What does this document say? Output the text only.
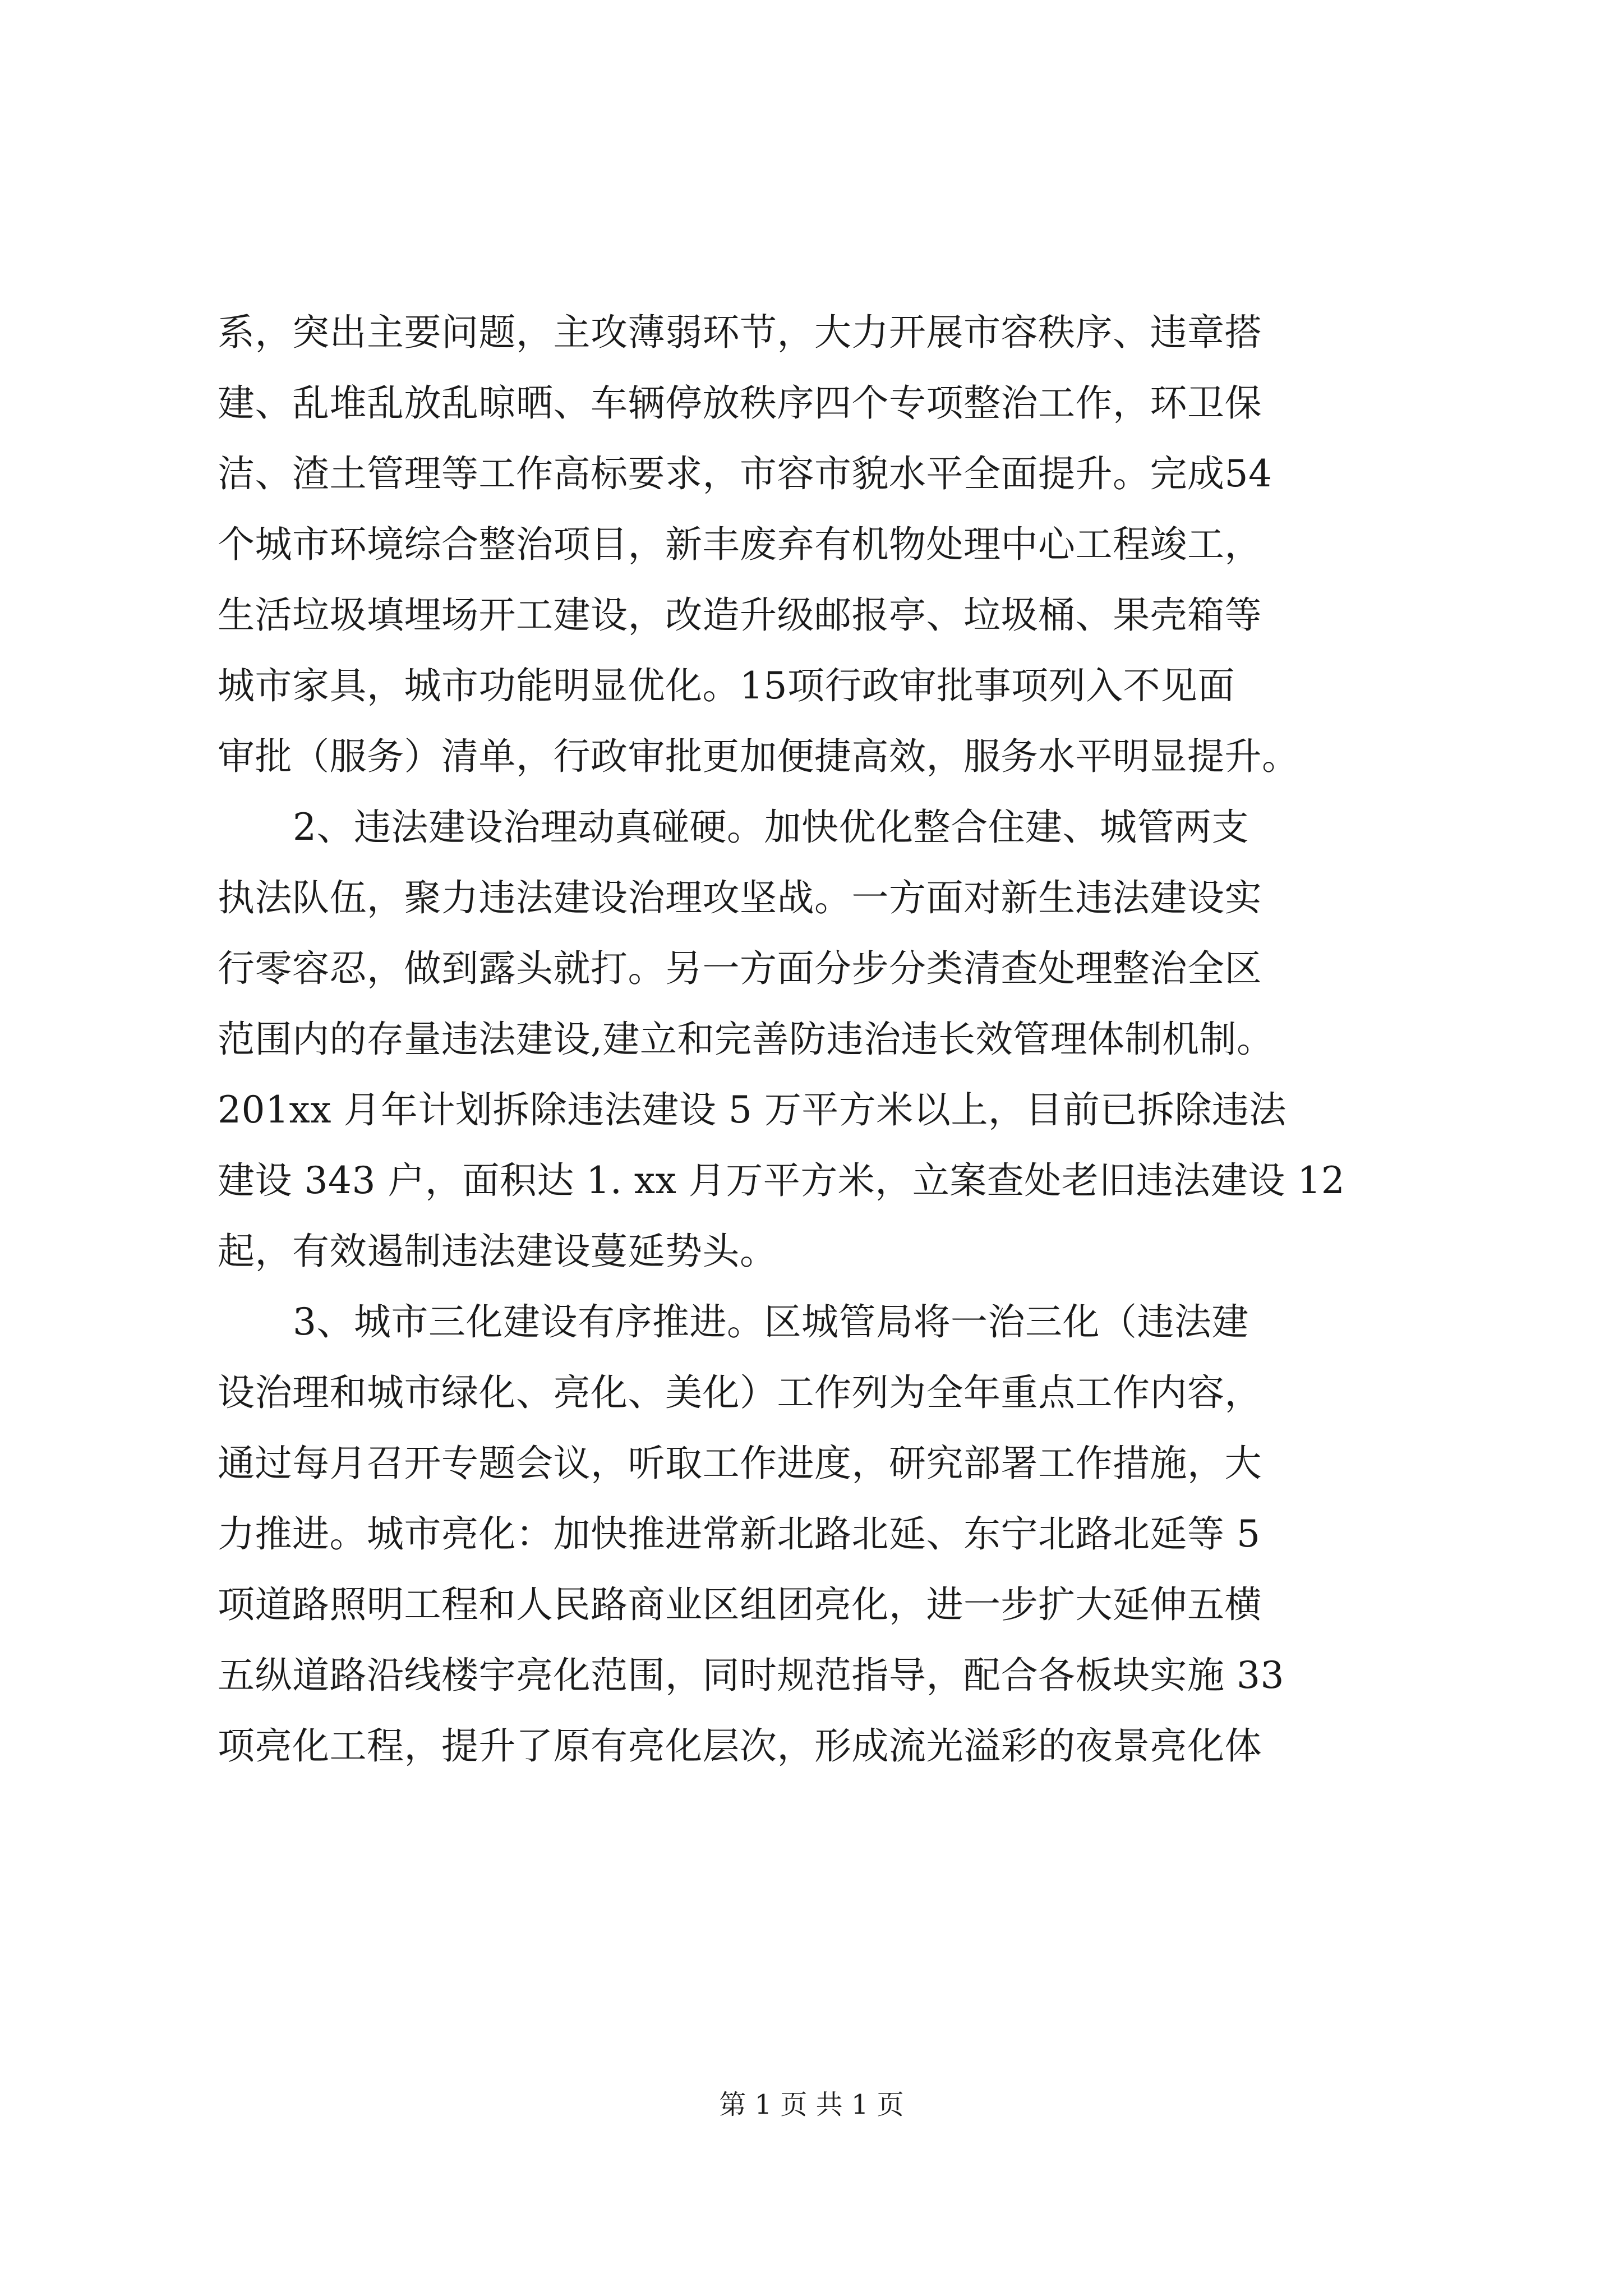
系，突出主要问题，主攻薄弱环节，大力开展市容秩序、违章搭
建、乱堆乱放乱晾晒、车辆停放秩序四个专项整治工作，环卫保
洁、渣土管理等工作高标要求，市容市貌水平全面提升。完成54
个城市环境综合整治项目，新丰废弃有机物处理中心工程竣工，
生活垃圾填埋场开工建设，改造升级邮报亭、垃圾桶、果壳箱等
城市家具，城市功能明显优化。15项行政审批事项列入不见面
审批（服务）清单，行政审批更加便捷高效，服务水平明显提升。
2、违法建设治理动真碰硬。加快优化整合住建、城管两支
执法队伍，聚力违法建设治理攻坚战。一方面对新生违法建设实
行零容忍，做到露头就打。另一方面分步分类清查处理整治全区
范围内的存量违法建设,建立和完善防违治违长效管理体制机制。
201xx 月年计划拆除违法建设 5 万平方米以上，目前已拆除违法
建设 343 户，面积达 1. xx 月万平方米，立案查处老旧违法建设 12
起，有效遏制违法建设蔓延势头。
3、城市三化建设有序推进。区城管局将一治三化（违法建
设治理和城市绿化、亮化、美化）工作列为全年重点工作内容，
通过每月召开专题会议，听取工作进度，研究部署工作措施，大
力推进。城市亮化：加快推进常新北路北延、东宁北路北延等 5
项道路照明工程和人民路商业区组团亮化，进一步扩大延伸五横
五纵道路沿线楼宇亮化范围，同时规范指导，配合各板块实施 33
项亮化工程，提升了原有亮化层次，形成流光溢彩的夜景亮化体
第 1 页 共 1 页
